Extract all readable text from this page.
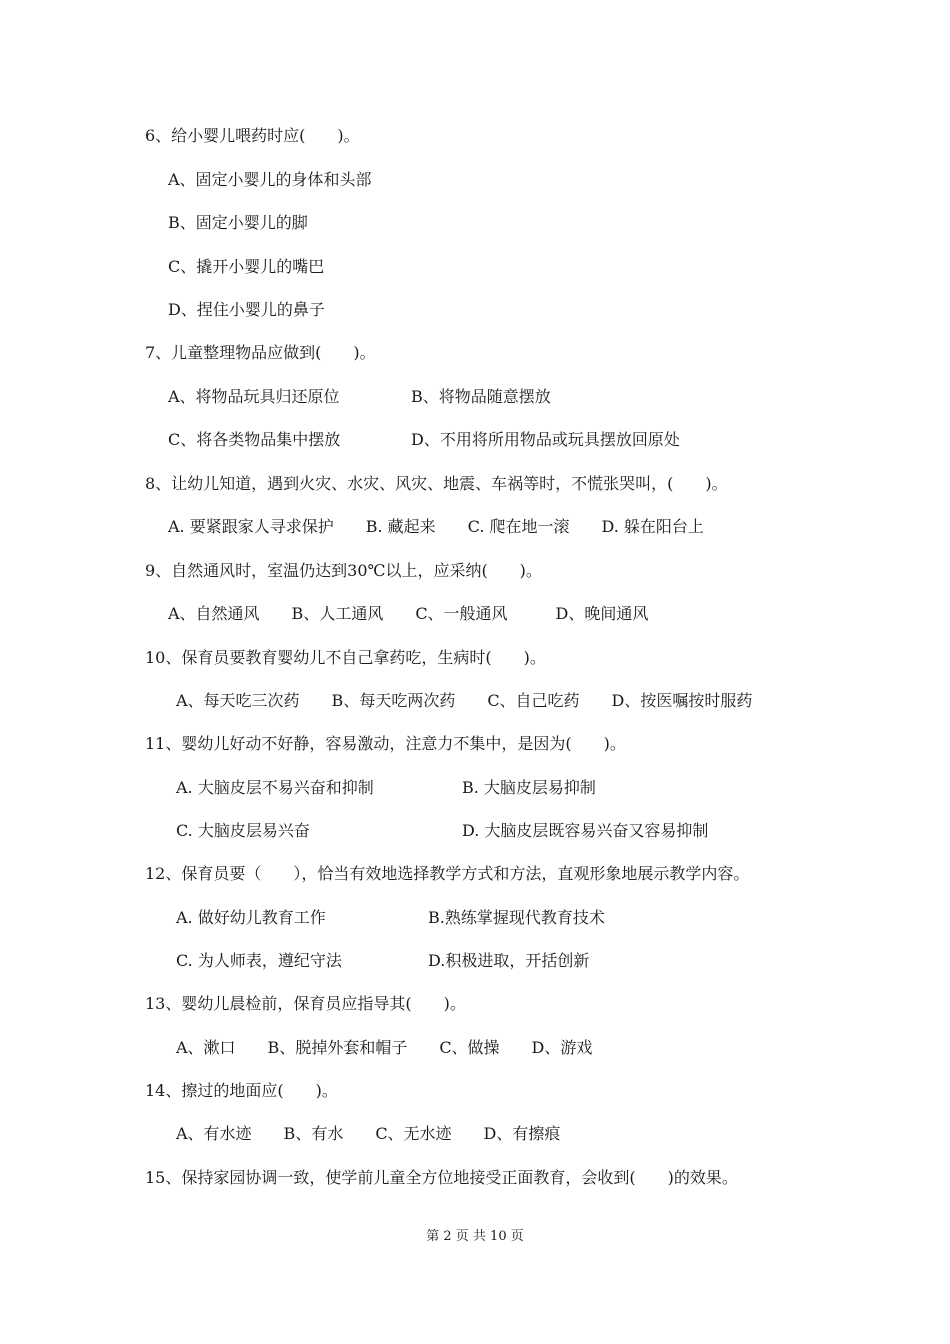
6、给小婴儿喂药时应(　　)。
A、固定小婴儿的身体和头部
B、固定小婴儿的脚
C、撬开小婴儿的嘴巴
D、捏住小婴儿的鼻子
7、儿童整理物品应做到(　　)。
A、将物品玩具归还原位	B、将物品随意摆放
C、将各类物品集中摆放	D、不用将所用物品或玩具摆放回原处
8、让幼儿知道，遇到火灾、水灾、风灾、地震、车祸等时，不慌张哭叫，(　　)。
A. 要紧跟家人寻求保护　　B. 藏起来　　C. 爬在地一滚　　D. 躲在阳台上
9、自然通风时，室温仍达到30℃以上，应采纳(　　)。
A、自然通风　　B、人工通风　　C、一般通风　　　D、晚间通风
10、保育员要教育婴幼儿不自己拿药吃，生病时(　　)。
A、每天吃三次药　　B、每天吃两次药　　C、自己吃药　　D、按医嘱按时服药
11、婴幼儿好动不好静，容易激动，注意力不集中，是因为(　　)。
A. 大脑皮层不易兴奋和抑制	B. 大脑皮层易抑制
C. 大脑皮层易兴奋	D. 大脑皮层既容易兴奋又容易抑制
12、保育员要（　　），恰当有效地选择教学方式和方法，直观形象地展示教学内容。
A. 做好幼儿教育工作	B.熟练掌握现代教育技术
C. 为人师表，遵纪守法	D.积极进取，开括创新
13、婴幼儿晨检前，保育员应指导其(　　)。
A、漱口　　B、脱掉外套和帽子　　C、做操　　D、游戏
14、擦过的地面应(　　)。
A、有水迹　　B、有水　　C、无水迹　　D、有擦痕
15、保持家园协调一致，使学前儿童全方位地接受正面教育，会收到(　　)的效果。
第 2 页 共 10 页
